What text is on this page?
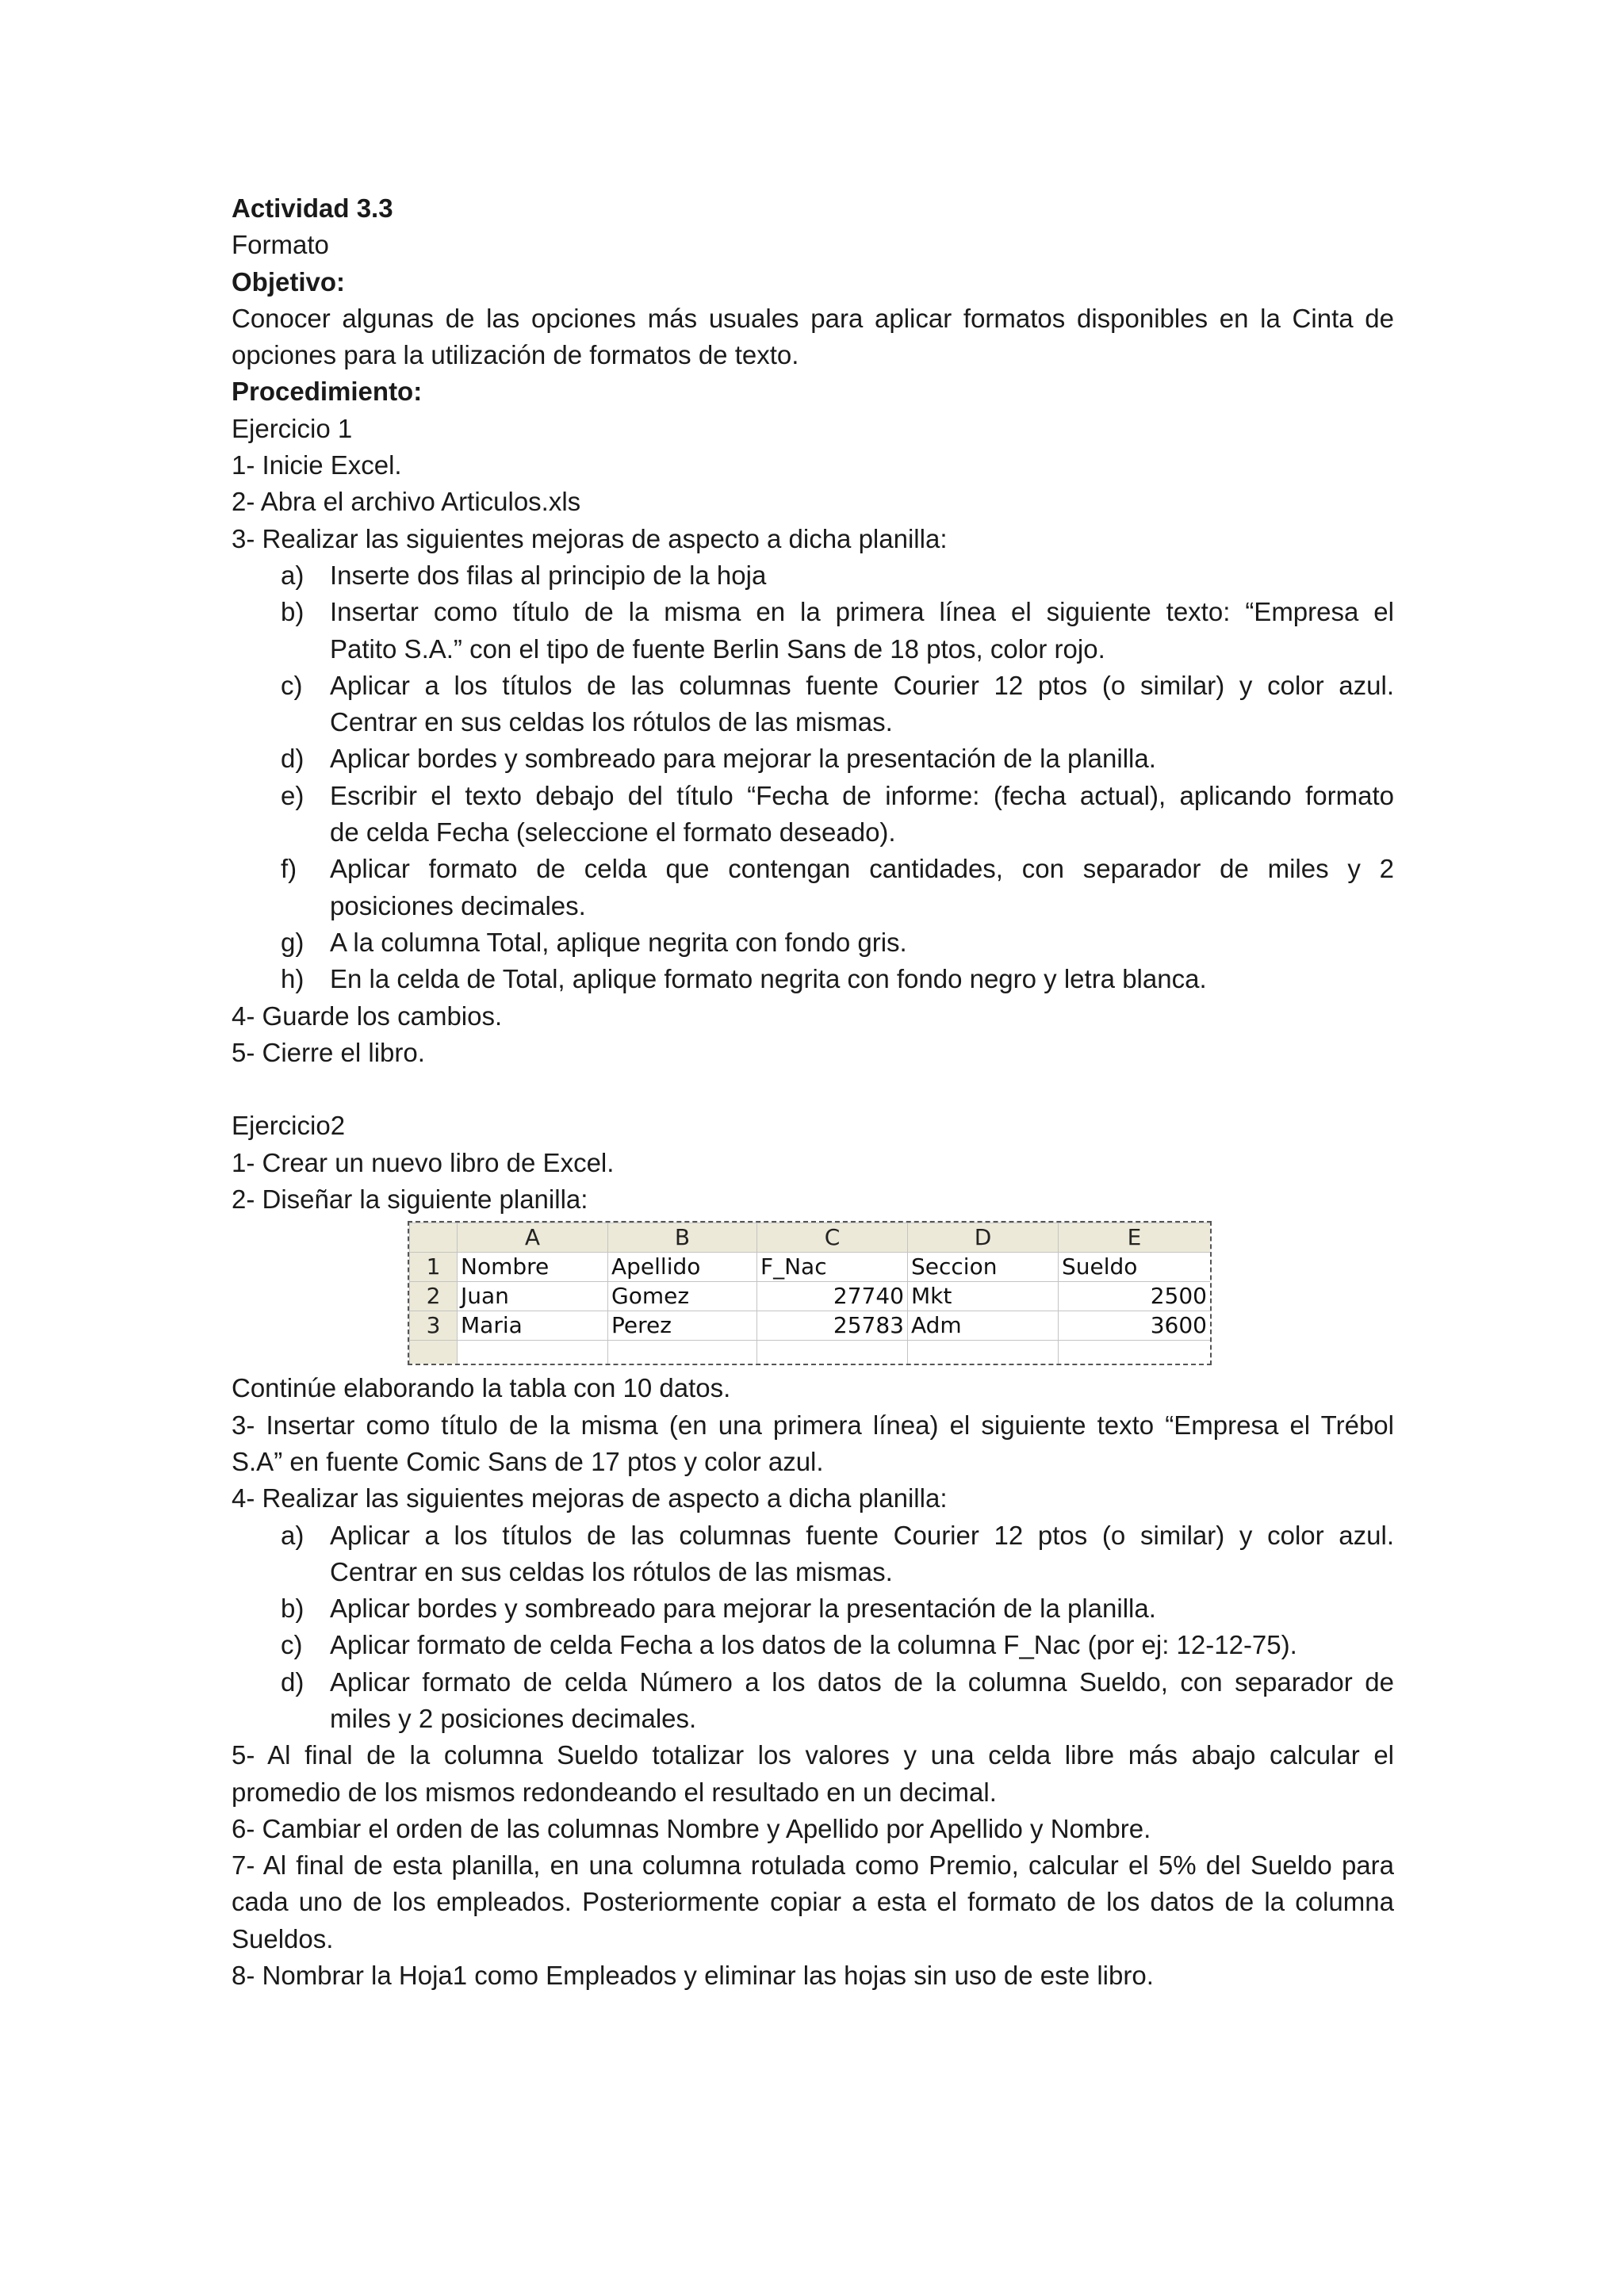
Actividad 3.3
Formato
Objetivo:
Conocer algunas de las opciones más usuales para aplicar formatos disponibles en la Cinta de
opciones para la utilización de formatos de texto.
Procedimiento:
Ejercicio 1
1- Inicie Excel.
2- Abra el archivo Articulos.xls
3- Realizar las siguientes mejoras de aspecto a dicha planilla:
a) Inserte dos filas al principio de la hoja
b) Insertar como título de la misma en la primera línea el siguiente texto: “Empresa el
Patito S.A.” con el tipo de fuente Berlin Sans de 18 ptos, color rojo.
c) Aplicar a los títulos de las columnas fuente Courier 12 ptos (o similar) y color azul.
Centrar en sus celdas los rótulos de las mismas.
d) Aplicar bordes y sombreado para mejorar la presentación de la planilla.
e) Escribir el texto debajo del título “Fecha de informe: (fecha actual), aplicando formato
de celda Fecha (seleccione el formato deseado).
f) Aplicar formato de celda que contengan cantidades, con separador de miles y 2
posiciones decimales.
g) A la columna Total, aplique negrita con fondo gris.
h) En la celda de Total, aplique formato negrita con fondo negro y letra blanca.
4- Guarde los cambios.
5- Cierre el libro.
Ejercicio2
1- Crear un nuevo libro de Excel.
2- Diseñar la siguiente planilla:
	A	B	C	D	E
1	Nombre	Apellido	F_Nac	Seccion	Sueldo
2	Juan	Gomez	27740	Mkt	2500
3	Maria	Perez	25783	Adm	3600

Continúe elaborando la tabla con 10 datos.
3- Insertar como título de la misma (en una primera línea) el siguiente texto “Empresa el Trébol
S.A” en fuente Comic Sans de 17 ptos y color azul.
4- Realizar las siguientes mejoras de aspecto a dicha planilla:
a) Aplicar a los títulos de las columnas fuente Courier 12 ptos (o similar) y color azul.
Centrar en sus celdas los rótulos de las mismas.
b) Aplicar bordes y sombreado para mejorar la presentación de la planilla.
c) Aplicar formato de celda Fecha a los datos de la columna F_Nac (por ej: 12-12-75).
d) Aplicar formato de celda Número a los datos de la columna Sueldo, con separador de
miles y 2 posiciones decimales.
5- Al final de la columna Sueldo totalizar los valores y una celda libre más abajo calcular el
promedio de los mismos redondeando el resultado en un decimal.
6- Cambiar el orden de las columnas Nombre y Apellido por Apellido y Nombre.
7- Al final de esta planilla, en una columna rotulada como Premio, calcular el 5% del Sueldo para
cada uno de los empleados. Posteriormente copiar a esta el formato de los datos de la columna
Sueldos.
8- Nombrar la Hoja1 como Empleados y eliminar las hojas sin uso de este libro.
